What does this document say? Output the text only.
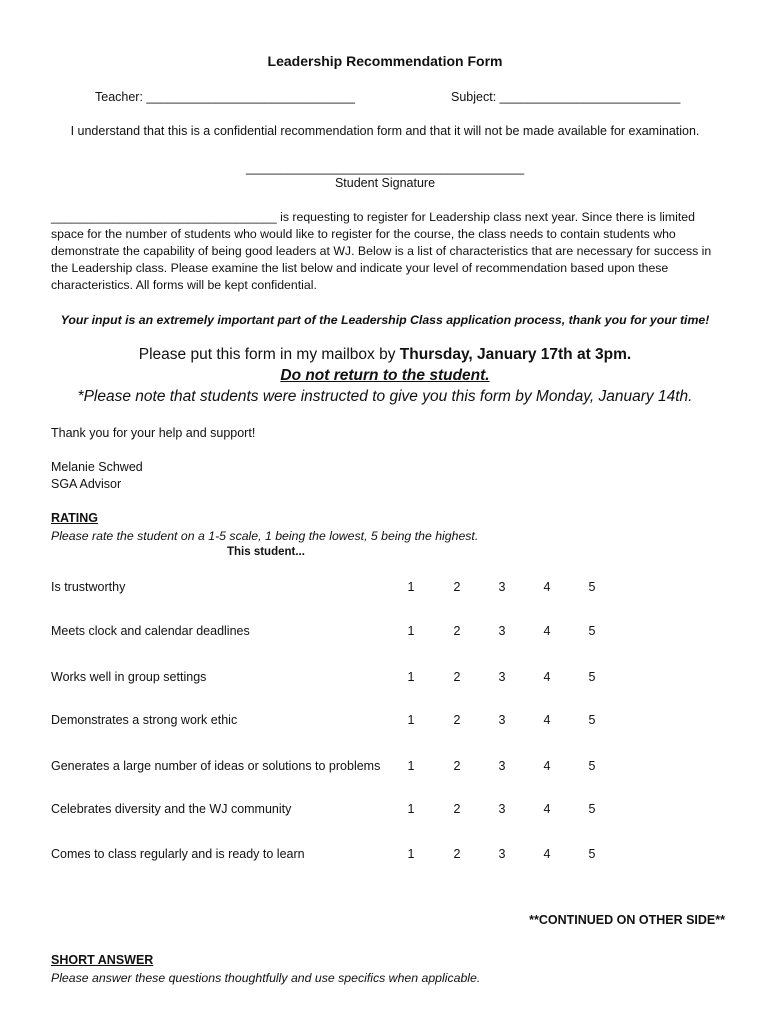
Leadership Recommendation Form
Teacher: ______________________________	Subject: __________________________
I understand that this is a confidential recommendation form and that it will not be made available for examination.
________________________________________
Student Signature
_________________________________ is requesting to register for Leadership class next year. Since there is limited space for the number of students who would like to register for the course, the class needs to contain students who demonstrate the capability of being good leaders at WJ. Below is a list of characteristics that are necessary for success in the Leadership class. Please examine the list below and indicate your level of recommendation based upon these characteristics. All forms will be kept confidential.
Your input is an extremely important part of the Leadership Class application process, thank you for your time!
Please put this form in my mailbox by Thursday, January 17th at 3pm.
Do not return to the student.
*Please note that students were instructed to give you this form by Monday, January 14th.
Thank you for your help and support!
Melanie Schwed
SGA Advisor
RATING
Please rate the student on a 1-5 scale, 1 being the lowest, 5 being the highest.
This student...
Is trustworthy	1	2	3	4	5
Meets clock and calendar deadlines	1	2	3	4	5
Works well in group settings	1	2	3	4	5
Demonstrates a strong work ethic	1	2	3	4	5
Generates a large number of ideas or solutions to problems	1	2	3	4	5
Celebrates diversity and the WJ community	1	2	3	4	5
Comes to class regularly and is ready to learn	1	2	3	4	5
**CONTINUED ON OTHER SIDE**
SHORT ANSWER
Please answer these questions thoughtfully and use specifics when applicable.
